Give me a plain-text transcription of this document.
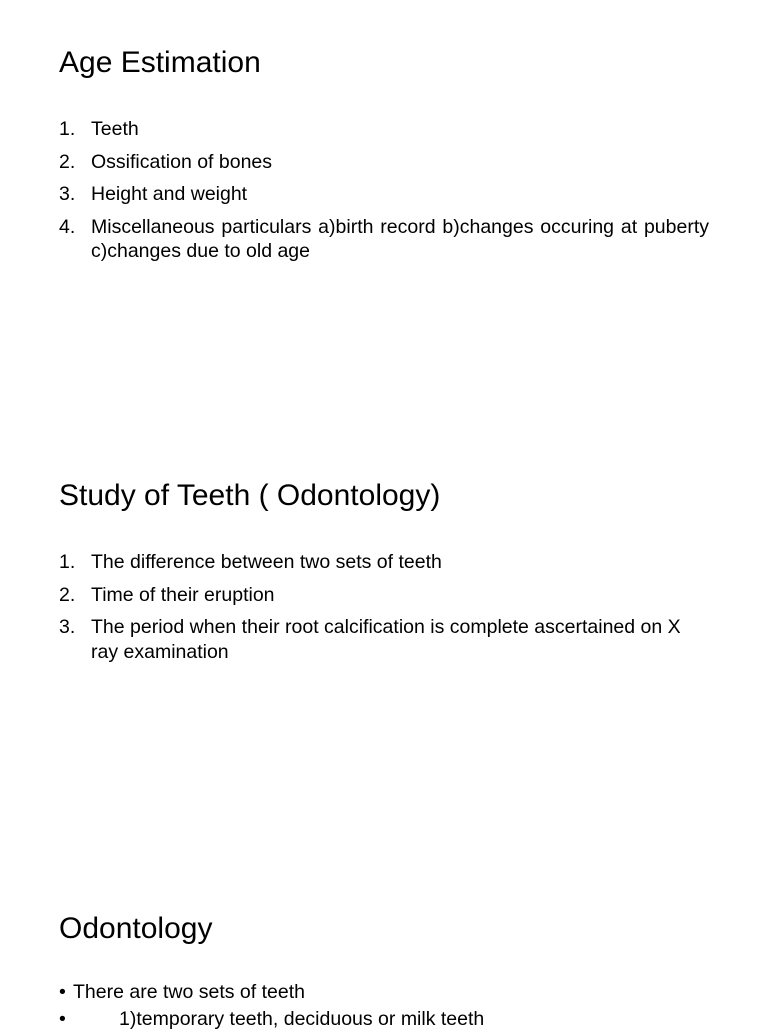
Age Estimation
1. Teeth
2. Ossification of bones
3. Height and weight
4. Miscellaneous particulars a)birth record b)changes occuring at puberty c)changes due to old age
Study of Teeth ( Odontology)
1. The difference between two sets of teeth
2. Time of their eruption
3. The period when their root calcification is complete ascertained on X ray examination
Odontology
• There are two sets of teeth
•	1)temporary teeth, deciduous or milk teeth
